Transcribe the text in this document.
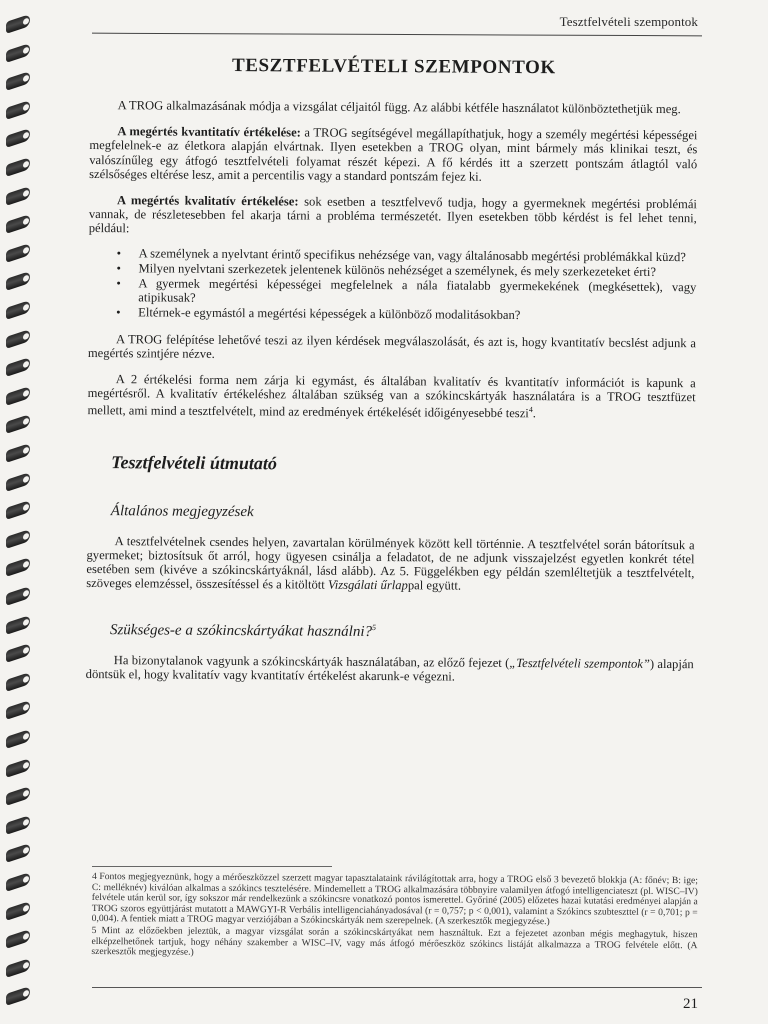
Tesztfelvételi szempontok
TESZTFELVÉTELI SZEMPONTOK

A TROG alkalmazásának módja a vizsgálat céljaitól függ. Az alábbi kétféle használatot különböztethetjük meg.

A megértés kvantitatív értékelése: a TROG segítségével megállapíthatjuk, hogy a személy megértési képességei megfelelnek-e az életkora alapján elvártnak. Ilyen esetekben a TROG olyan, mint bármely más klinikai teszt, és valószínűleg egy átfogó tesztfelvételi folyamat részét képezi. A fő kérdés itt a szerzett pontszám átlagtól való szélsőséges eltérése lesz, amit a percentilis vagy a standard pontszám fejez ki.

A megértés kvalitatív értékelése: sok esetben a tesztfelvevő tudja, hogy a gyermeknek megértési problémái vannak, de részletesebben fel akarja tárni a probléma természetét. Ilyen esetekben több kérdést is fel lehet tenni, például:

• A személynek a nyelvtant érintő specifikus nehézsége van, vagy általánosabb megértési problémákkal küzd?
• Milyen nyelvtani szerkezetek jelentenek különös nehézséget a személynek, és mely szerkezeteket érti?
• A gyermek megértési képességei megfelelnek a nála fiatalabb gyermekekének (megkésettek), vagy atipikusak?
• Eltérnek-e egymástól a megértési képességek a különböző modalitásokban?

A TROG felépítése lehetővé teszi az ilyen kérdések megválaszolását, és azt is, hogy kvantitatív becslést adjunk a megértés szintjére nézve.

A 2 értékelési forma nem zárja ki egymást, és általában kvalitatív és kvantitatív információt is kapunk a megértésről. A kvalitatív értékeléshez általában szükség van a szókincskártyák használatára is a TROG tesztfüzet mellett, ami mind a tesztfelvételt, mind az eredmények értékelését időigényesebbé teszi$^4$.

Tesztfelvételi útmutató
Általános megjegyzések

A tesztfelvételnek csendes helyen, zavartalan körülmények között kell történnie. A tesztfelvétel során bátorítsuk a gyermeket; biztosítsuk őt arról, hogy ügyesen csinálja a feladatot, de ne adjunk visszajelzést egyetlen konkrét tétel esetében sem (kivéve a szókincskártyáknál, lásd alább). Az 5. Függelékben egy példán szemléltetjük a tesztfelvételt, szöveges elemzéssel, összesítéssel és a kitöltött Vizsgálati űrlappal együtt.

Szükséges-e a szókincskártyákat használni?$^5$

Ha bizonytalanok vagyunk a szókincskártyák használatában, az előző fejezet („Tesztfelvételi szempontok”) alapján döntsük el, hogy kvalitatív vagy kvantitatív értékelést akarunk-e végezni.

4 Fontos megjegyeznünk, hogy a mérőeszközzel szerzett magyar tapasztalataink rávilágítottak arra, hogy a TROG első 3 bevezető blokkja (A: főnév; B: ige; C: melléknév) kiválóan alkalmas a szókincs tesztelésére. Mindemellett a TROG alkalmazására többnyire valamilyen átfogó intelligenciateszt (pl. WISC–IV) felvétele után kerül sor, így sokszor már rendelkezünk a szókincsre vonatkozó pontos ismerettel. Győriné (2005) előzetes hazai kutatási eredményei alapján a TROG szoros együttjárást mutatott a MAWGYI-R Verbális intelligenciahányadosával (r = 0,757; p < 0,001), valamint a Szókincs szubteszttel (r = 0,701; p = 0,004). A fentiek miatt a TROG magyar verziójában a Szókincskártyák nem szerepelnek. (A szerkesztők megjegyzése.)

5 Mint az előzőekben jeleztük, a magyar vizsgálat során a szókincskártyákat nem használtuk. Ezt a fejezetet azonban mégis meghagytuk, hiszen elképzelhetőnek tartjuk, hogy néhány szakember a WISC–IV, vagy más átfogó mérőeszköz szókincs listáját alkalmazza a TROG felvétele előtt. (A szerkesztők megjegyzése.)

21
